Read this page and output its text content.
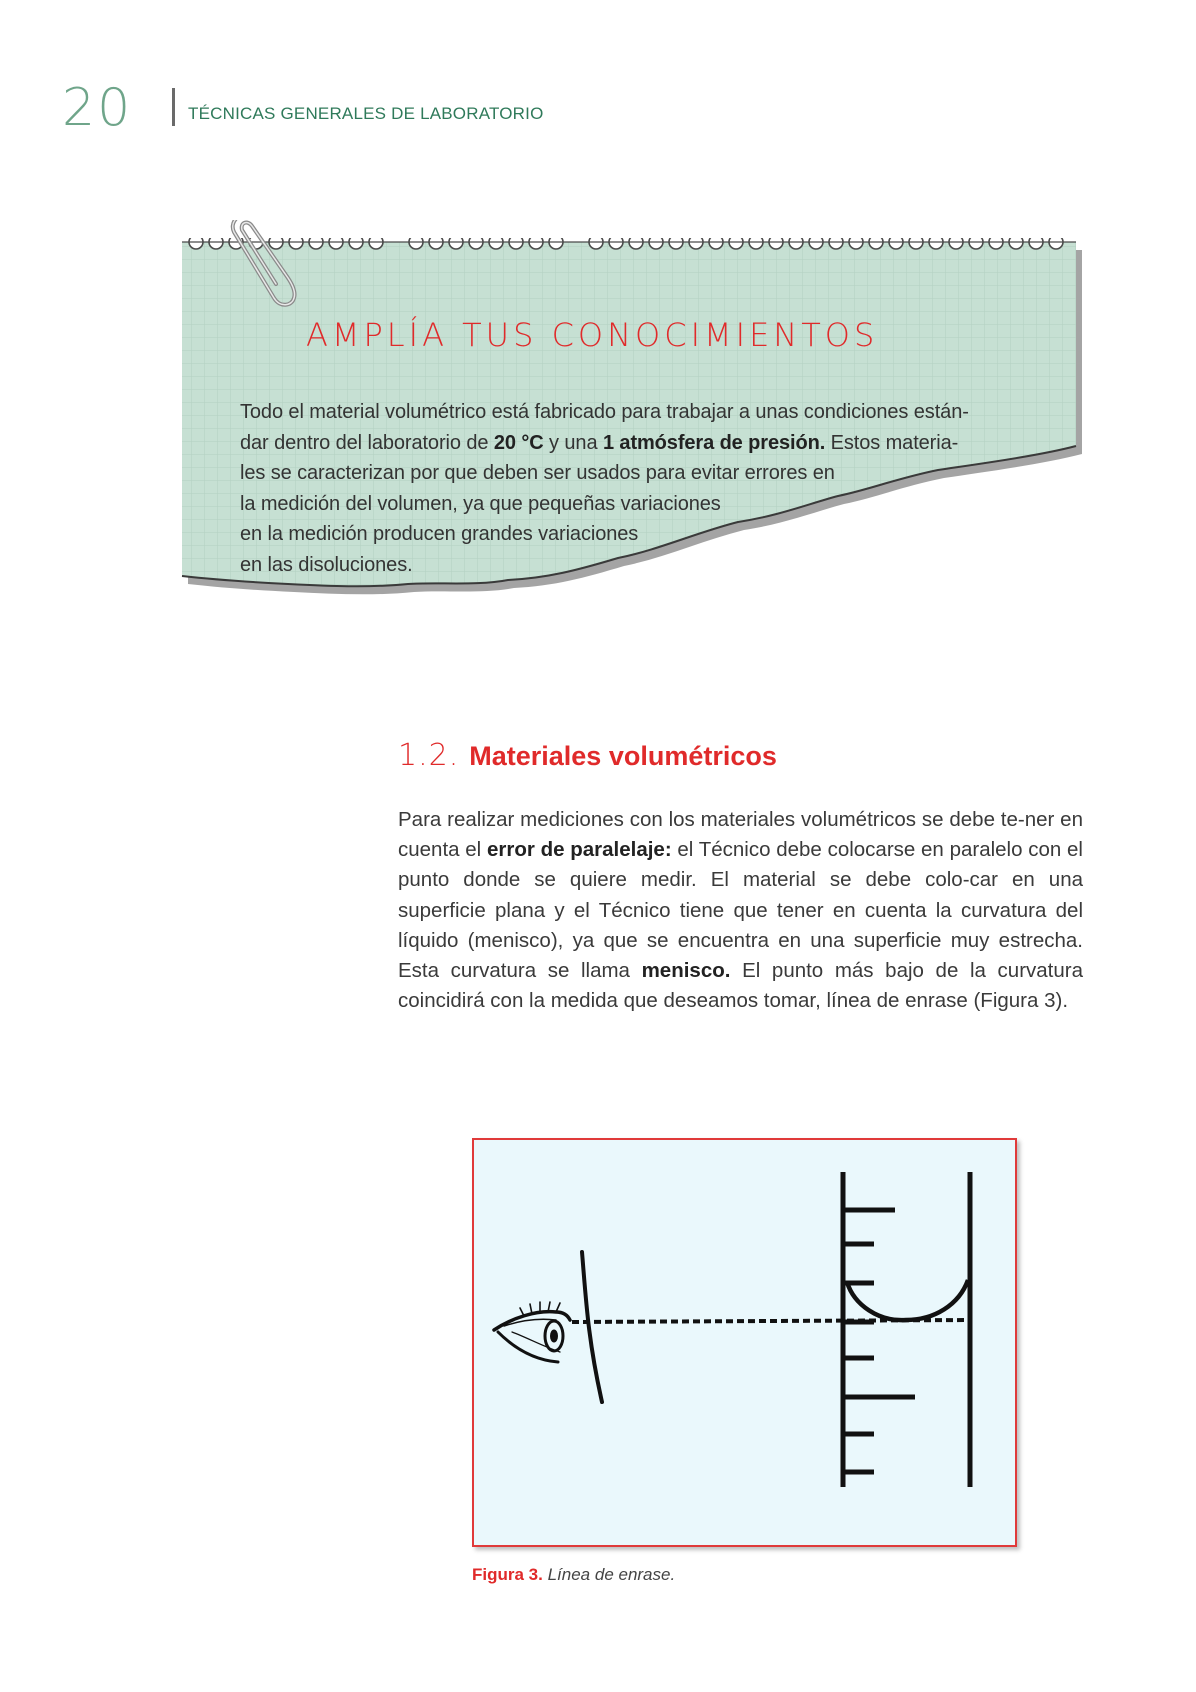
20	TÉCNICAS GENERALES DE LABORATORIO
AMPLÍA TUS CONOCIMIENTOS
Todo el material volumétrico está fabricado para trabajar a unas condiciones están-
dar dentro del laboratorio de 20 °C y una 1 atmósfera de presión. Estos materia-
les se caracterizan por que deben ser usados para evitar errores en
la medición del volumen, ya que pequeñas variaciones
en la medición producen grandes variaciones
en las disoluciones.
1.2. Materiales volumétricos
Para realizar mediciones con los materiales volumétricos se debe te-ner en cuenta el error de paralelaje: el Técnico debe colocarse en paralelo con el punto donde se quiere medir. El material se debe colo-car en una superficie plana y el Técnico tiene que tener en cuenta la curvatura del líquido (menisco), ya que se encuentra en una superficie muy estrecha. Esta curvatura se llama menisco. El punto más bajo de la curvatura coincidirá con la medida que deseamos tomar, línea de enrase (Figura 3).
Figura 3. Línea de enrase.
